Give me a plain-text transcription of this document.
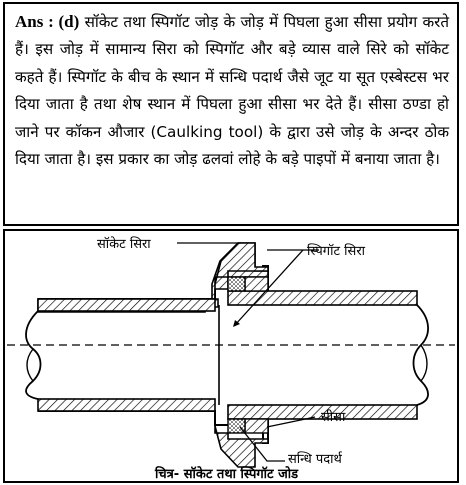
Ans : (d) सॉकेट तथा स्पिगॉट जोड़ के जोड़ में पिघला हुआ सीसा प्रयोग करते हैं। इस जोड़ में सामान्य सिरा को स्पिगॉट और बड़े व्यास वाले सिरे को सॉकेट कहते हैं। स्पिगॉट के बीच के स्थान में सन्धि पदार्थ जैसे जूट या सूत एस्बेस्टस भर दिया जाता है तथा शेष स्थान में पिघला हुआ सीसा भर देते हैं। सीसा ठण्डा हो जाने पर कॉकन औजार (Caulking tool) के द्वारा उसे जोड़ के अन्दर ठोक दिया जाता है। इस प्रकार का जोड़ ढलवां लोहे के बड़े पाइपों में बनाया जाता है।
सॉकेट सिरा	स्पिगॉट सिरा
सीसा
सन्धि पदार्थ
चित्र- सॉकेट तथा स्पिगॉट जोड
